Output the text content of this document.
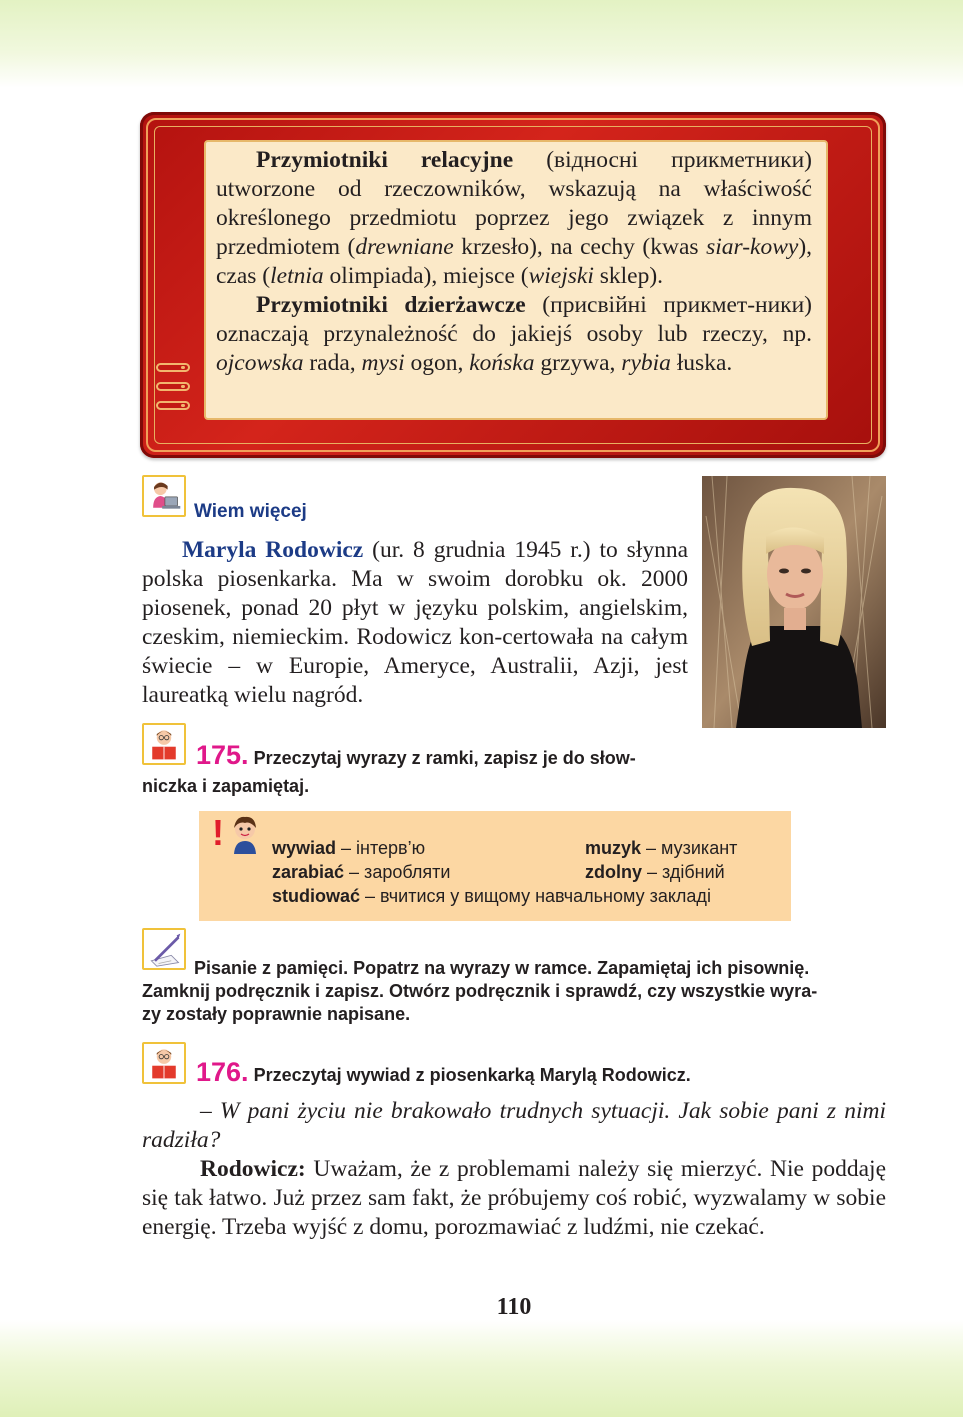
Przymiotniki relacyjne (відносні прикметники) utworzone od rzeczowników, wskazują na właściwość określonego przedmiotu poprzez jego związek z innym przedmiotem (drewniane krzesło), na cechy (kwas siar-kowy), czas (letnia olimpiada), miejsce (wiejski sklep).

Przymiotniki dzierżawcze (присвійні прикмет-ники) oznaczają przynależność do jakiejś osoby lub rzeczy, np. ojcowska rada, mysi ogon, końska grzywa, rybia łuska.

Wiem więcej

Maryla Rodowicz (ur. 8 grudnia 1945 r.) to słynna polska piosenkarka. Ma w swoim dorobku ok. 2000 piosenek, ponad 20 płyt w języku polskim, angielskim, czeskim, niemieckim. Rodowicz kon-certowała na całym świecie – w Europie, Ameryce, Australii, Azji, jest laureatką wielu nagród.

175. Przeczytaj wyrazy z ramki, zapisz je do słow-
niczka i zapamiętaj.
!	wywiad – інтерв’ю	muzyk – музикант
zarabiać – заробляти	zdolny – здібний
studiować – вчитися у вищому навчальному закладі
Pisanie z pamięci. Popatrz na wyrazy w ramce. Zapamiętaj ich pisownię.
Zamknij podręcznik i zapisz. Otwórz podręcznik i sprawdź, czy wszystkie wyra-
zy zostały poprawnie napisane.
176. Przeczytaj wywiad z piosenkarką Marylą Rodowicz.

– W pani życiu nie brakowało trudnych sytuacji. Jak sobie pani z nimi radziła?

Rodowicz: Uważam, że z problemami należy się mierzyć. Nie poddaję się tak łatwo. Już przez sam fakt, że próbujemy coś robić, wyzwalamy w sobie energię. Trzeba wyjść z domu, porozmawiać z ludźmi, nie czekać.

110
